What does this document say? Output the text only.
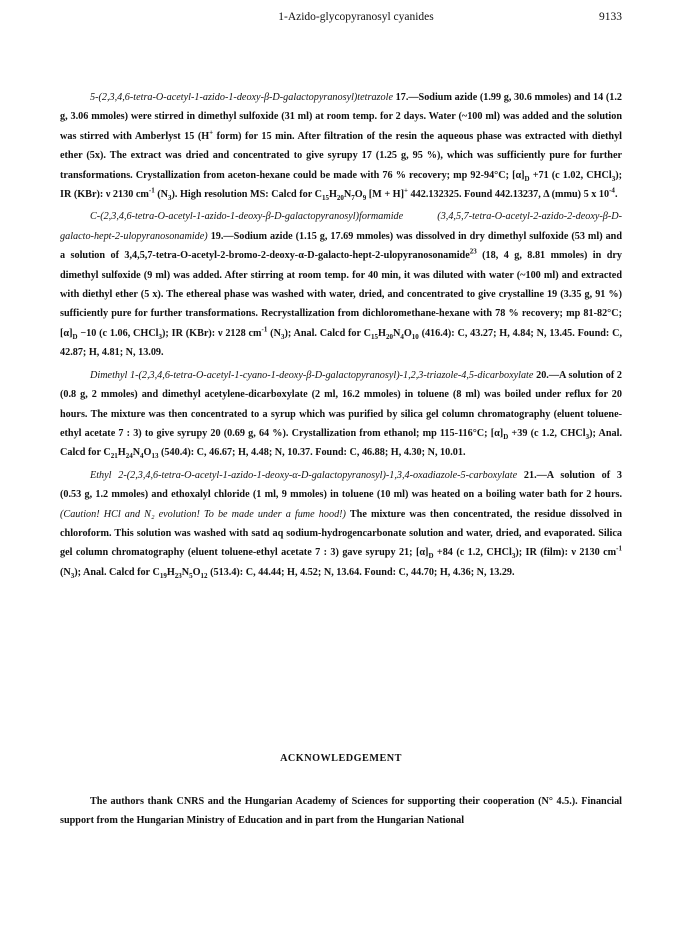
1-Azido-glycopyranosyl cyanides	9133

5-(2,3,4,6-tetra-O-acetyl-1-azido-1-deoxy-β-D-galactopyranosyl)tetrazole 17.—Sodium azide (1.99 g, 30.6 mmoles) and 14 (1.2 g, 3.06 mmoles) were stirred in dimethyl sulfoxide (31 ml) at room temp. for 2 days. Water (~100 ml) was added and the solution was stirred with Amberlyst 15 (H+ form) for 15 min. After filtration of the resin the aqueous phase was extracted with diethyl ether (5x). The extract was dried and concentrated to give syrupy 17 (1.25 g, 95 %), which was sufficiently pure for further transformations. Crystallization from aceton-hexane could be made with 76 % recovery; mp 92-94°C; $[\alpha]_D +71$ (c 1.02, CHCl$_3$); IR (KBr): ν 2130 $cm^{-1}$ $(N_3)$. High resolution MS: Calcd for $C_{15}H_{20}N_7O_9$ [M + H]+ 442.132325. Found 442.13237, Δ (mmu) 5 x $10^{-4}$.

C-(2,3,4,6-tetra-O-acetyl-1-azido-1-deoxy-β-D-galactopyranosyl)formamide (3,4,5,7-tetra-O-acetyl-2-azido-2-deoxy-β-D-galacto-hept-2-ulopyranosonamide) 19.—Sodium azide (1.15 g, 17.69 mmoles) was dissolved in dry dimethyl sulfoxide (53 ml) and a solution of 3,4,5,7-tetra-O-acetyl-2-bromo-2-deoxy-α-D-galacto-hept-2-ulopyranosonamide$^{23}$ (18, 4 g, 8.81 mmoles) in dry dimethyl sulfoxide (9 ml) was added. After stirring at room temp. for 40 min, it was diluted with water (~100 ml) and extracted with diethyl ether (5 x). The ethereal phase was washed with water, dried, and concentrated to give crystalline 19 (3.35 g, 91 %) sufficiently pure for further transformations. Recrystallization from dichloromethane-hexane with 78 % recovery; mp 81-82°C; $[\alpha]_D -10$ (c 1.06, CHCl$_3$); IR (KBr): ν 2128 $cm^{-1}$ $(N_3)$; Anal. Calcd for $C_{15}H_{20}N_4O_{10}$ (416.4): C, 43.27; H, 4.84; N, 13.45. Found: C, 42.87; H, 4.81; N, 13.09.

Dimethyl 1-(2,3,4,6-tetra-O-acetyl-1-cyano-1-deoxy-β-D-galactopyranosyl)-1,2,3-triazole-4,5-dicarboxylate 20.—A solution of 2 (0.8 g, 2 mmoles) and dimethyl acetylene-dicarboxylate (2 ml, 16.2 mmoles) in toluene (8 ml) was boiled under reflux for 20 hours. The mixture was then concentrated to a syrup which was purified by silica gel column chromatography (eluent toluene-ethyl acetate 7 : 3) to give syrupy 20 (0.69 g, 64 %). Crystallization from ethanol; mp 115-116°C; $[\alpha]_D +39$ (c 1.2, CHCl$_3$); Anal. Calcd for $C_{21}H_{24}N_4O_{13}$ (540.4): C, 46.67; H, 4.48; N, 10.37. Found: C, 46.88; H, 4.30; N, 10.01.

Ethyl 2-(2,3,4,6-tetra-O-acetyl-1-azido-1-deoxy-α-D-galactopyranosyl)-1,3,4-oxadiazole-5-carboxylate 21.—A solution of 3 (0.53 g, 1.2 mmoles) and ethoxalyl chloride (1 ml, 9 mmoles) in toluene (10 ml) was heated on a boiling water bath for 2 hours. (Caution! HCl and N₂ evolution! To be made under a fume hood!) The mixture was then concentrated, the residue dissolved in chloroform. This solution was washed with satd aq sodium-hydrogencarbonate solution and water, dried, and evaporated. Silica gel column chromatography (eluent toluene-ethyl acetate 7 : 3) gave syrupy 21; $[\alpha]_D +84$ (c 1.2, CHCl$_3$); IR (film): ν 2130 $cm^{-1}$ $(N_3)$; Anal. Calcd for $C_{19}H_{23}N_5O_{12}$ (513.4): C, 44.44; H, 4.52; N, 13.64. Found: C, 44.70; H, 4.36; N, 13.29.

ACKNOWLEDGEMENT

The authors thank CNRS and the Hungarian Academy of Sciences for supporting their cooperation (N° 4.5.). Financial support from the Hungarian Ministry of Education and in part from the Hungarian National
